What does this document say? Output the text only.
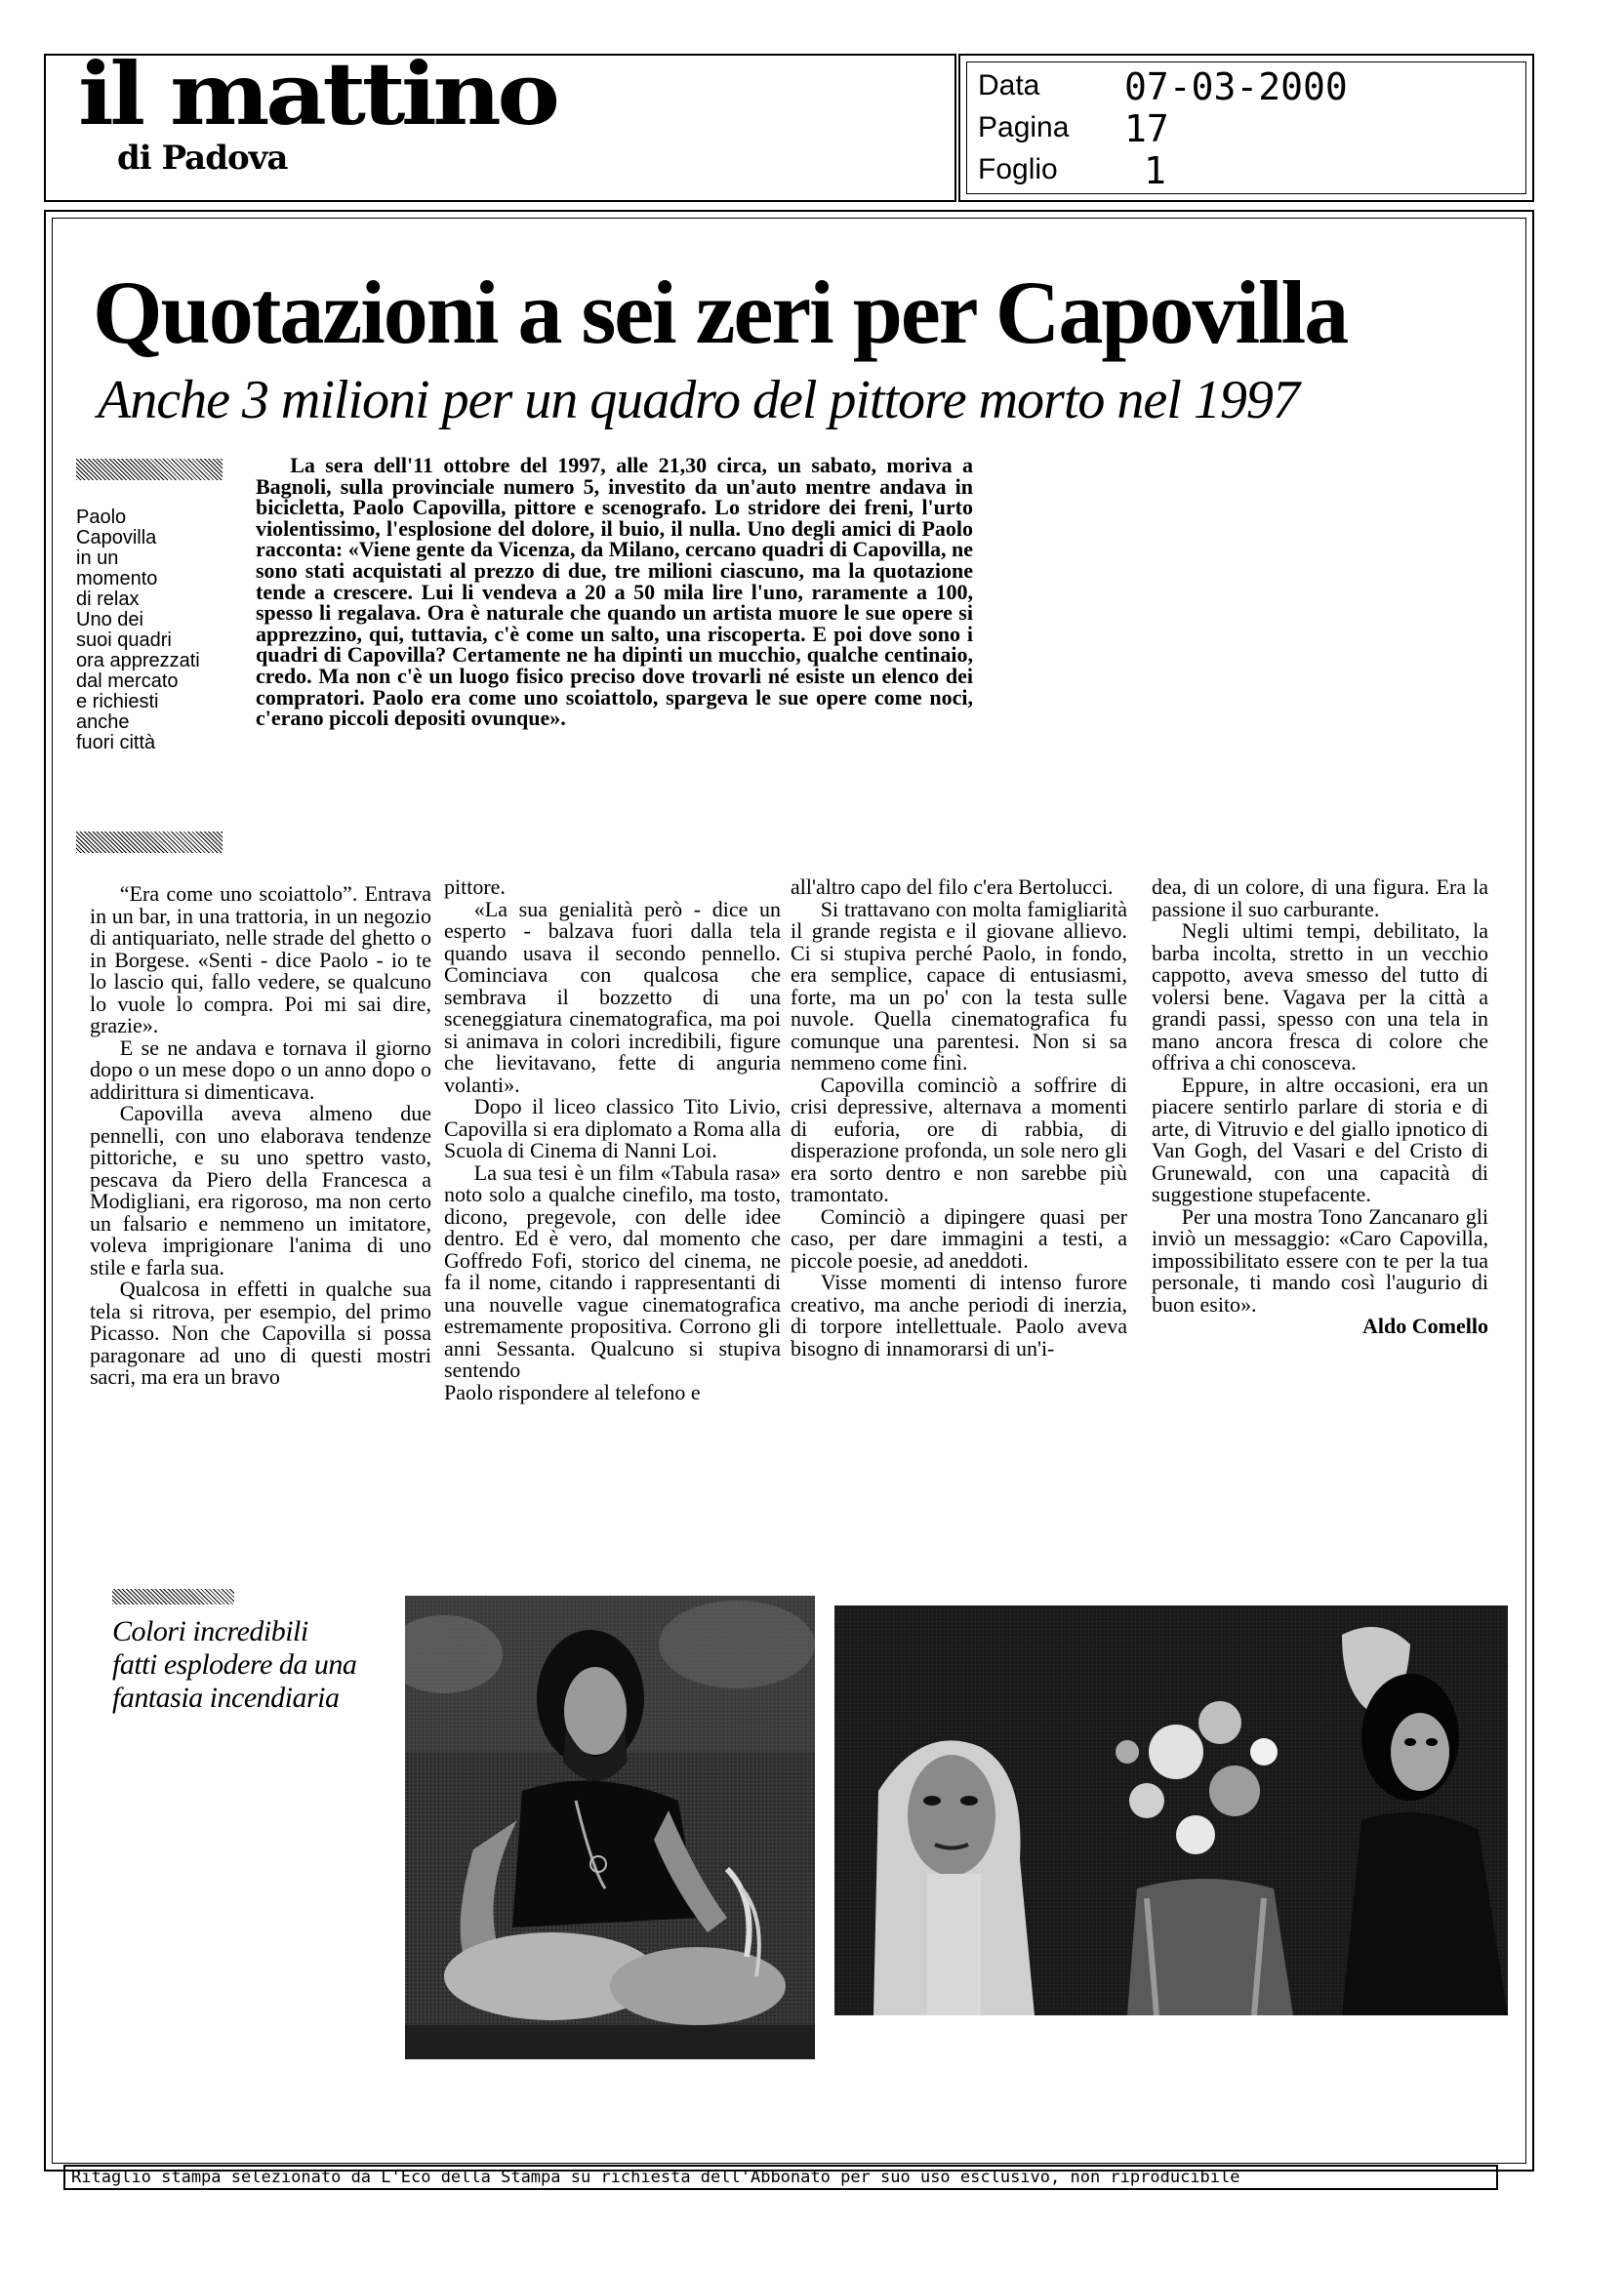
il mattino
di Padova
Data 07-03-2000
Pagina 17
Foglio 1
Quotazioni a sei zeri per Capovilla
Anche 3 milioni per un quadro del pittore morto nel 1997
Paolo
Capovilla
in un
momento
di relax
Uno dei
suoi quadri
ora apprezzati
dal mercato
e richiesti
anche
fuori città

La sera dell'11 ottobre del 1997, alle 21,30 circa, un sabato, moriva a Bagnoli, sulla provinciale numero 5, investito da un'auto mentre andava in bicicletta, Paolo Capovilla, pittore e scenografo. Lo stridore dei freni, l'urto violentissimo, l'esplosione del dolore, il buio, il nulla. Uno degli amici di Paolo racconta: «Viene gente da Vicenza, da Milano, cercano quadri di Capovilla, ne sono stati acquistati al prezzo di due, tre milioni ciascuno, ma la quotazione tende a crescere. Lui li vendeva a 20 a 50 mila lire l'uno, raramente a 100, spesso li regalava. Ora è naturale che quando un artista muore le sue opere si apprezzino, qui, tuttavia, c'è come un salto, una riscoperta. E poi dove sono i quadri di Capovilla? Certamente ne ha dipinti un mucchio, qualche centinaio, credo. Ma non c'è un luogo fisico preciso dove trovarli né esiste un elenco dei compratori. Paolo era come uno scoiattolo, spargeva le sue opere come noci, c'erano piccoli depositi ovunque».

“Era come uno scoiattolo”. Entrava in un bar, in una trattoria, in un negozio di antiquariato, nelle strade del ghetto o in Borgese. «Senti - dice Paolo - io te lo lascio qui, fallo vedere, se qualcuno lo vuole lo compra. Poi mi sai dire, grazie».

E se ne andava e tornava il giorno dopo o un mese dopo o un anno dopo o addirittura si dimenticava.

Capovilla aveva almeno due pennelli, con uno elaborava tendenze pittoriche, e su uno spettro vasto, pescava da Piero della Francesca a Modigliani, era rigoroso, ma non certo un falsario e nemmeno un imitatore, voleva imprigionare l'anima di uno stile e farla sua.

Qualcosa in effetti in qualche sua tela si ritrova, per esempio, del primo Picasso. Non che Capovilla si possa paragonare ad uno di questi mostri sacri, ma era un bravo

pittore.

«La sua genialità però - dice un esperto - balzava fuori dalla tela quando usava il secondo pennello. Cominciava con qualcosa che sembrava il bozzetto di una sceneggiatura cinematografica, ma poi si animava in colori incredibili, figure che lievitavano, fette di anguria volanti».

Dopo il liceo classico Tito Livio, Capovilla si era diplomato a Roma alla Scuola di Cinema di Nanni Loi.

La sua tesi è un film «Tabula rasa» noto solo a qualche cinefilo, ma tosto, dicono, pregevole, con delle idee dentro. Ed è vero, dal momento che Goffredo Fofi, storico del cinema, ne fa il nome, citando i rappresentanti di una nouvelle vague cinematografica estremamente propositiva. Corrono gli anni Sessanta. Qualcuno si stupiva sentendo

Paolo rispondere al telefono e

all'altro capo del filo c'era Bertolucci.

Si trattavano con molta famigliarità il grande regista e il giovane allievo. Ci si stupiva perché Paolo, in fondo, era semplice, capace di entusiasmi, forte, ma un po' con la testa sulle nuvole. Quella cinematografica fu comunque una parentesi. Non si sa nemmeno come finì.

Capovilla cominciò a soffrire di crisi depressive, alternava a momenti di euforia, ore di rabbia, di disperazione profonda, un sole nero gli era sorto dentro e non sarebbe più tramontato.

Cominciò a dipingere quasi per caso, per dare immagini a testi, a piccole poesie, ad aneddoti.

Visse momenti di intenso furore creativo, ma anche periodi di inerzia, di torpore intellettuale. Paolo aveva bisogno di innamorarsi di un'i-

dea, di un colore, di una figura. Era la passione il suo carburante.

Negli ultimi tempi, debilitato, la barba incolta, stretto in un vecchio cappotto, aveva smesso del tutto di volersi bene. Vagava per la città a grandi passi, spesso con una tela in mano ancora fresca di colore che offriva a chi conosceva.

Eppure, in altre occasioni, era un piacere sentirlo parlare di storia e di arte, di Vitruvio e del giallo ipnotico di Van Gogh, del Vasari e del Cristo di Grunewald, con una capacità di suggestione stupefacente.

Per una mostra Tono Zancanaro gli inviò un messaggio: «Caro Capovilla, impossibilitato essere con te per la tua personale, ti mando così l'augurio di buon esito».

Aldo Comello

Colori incredibili
fatti esplodere da una
fantasia incendiaria
Ritaglio stampa selezionato da L'Eco della Stampa su richiesta dell'Abbonato per suo uso esclusivo, non riproducibile
